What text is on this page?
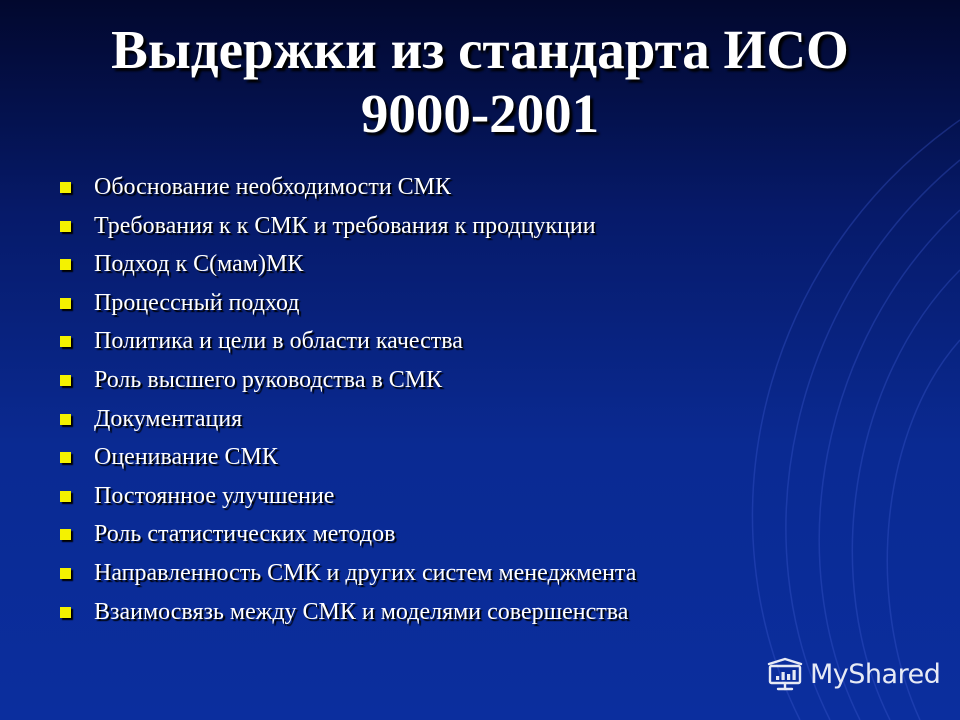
Выдержки из стандарта ИСО
9000-2001
Обоснование необходимости СМК
Требования к к СМК и требования к продцукции
Подход к С(мам)МК
Процессный подход
Политика и цели в области качества
Роль высшего руководства в СМК
Документация
Оценивание СМК
Постоянное улучшение
Роль статистических методов
Направленность СМК и других систем менеджмента
Взаимосвязь между СМК и моделями совершенства
MyShared
